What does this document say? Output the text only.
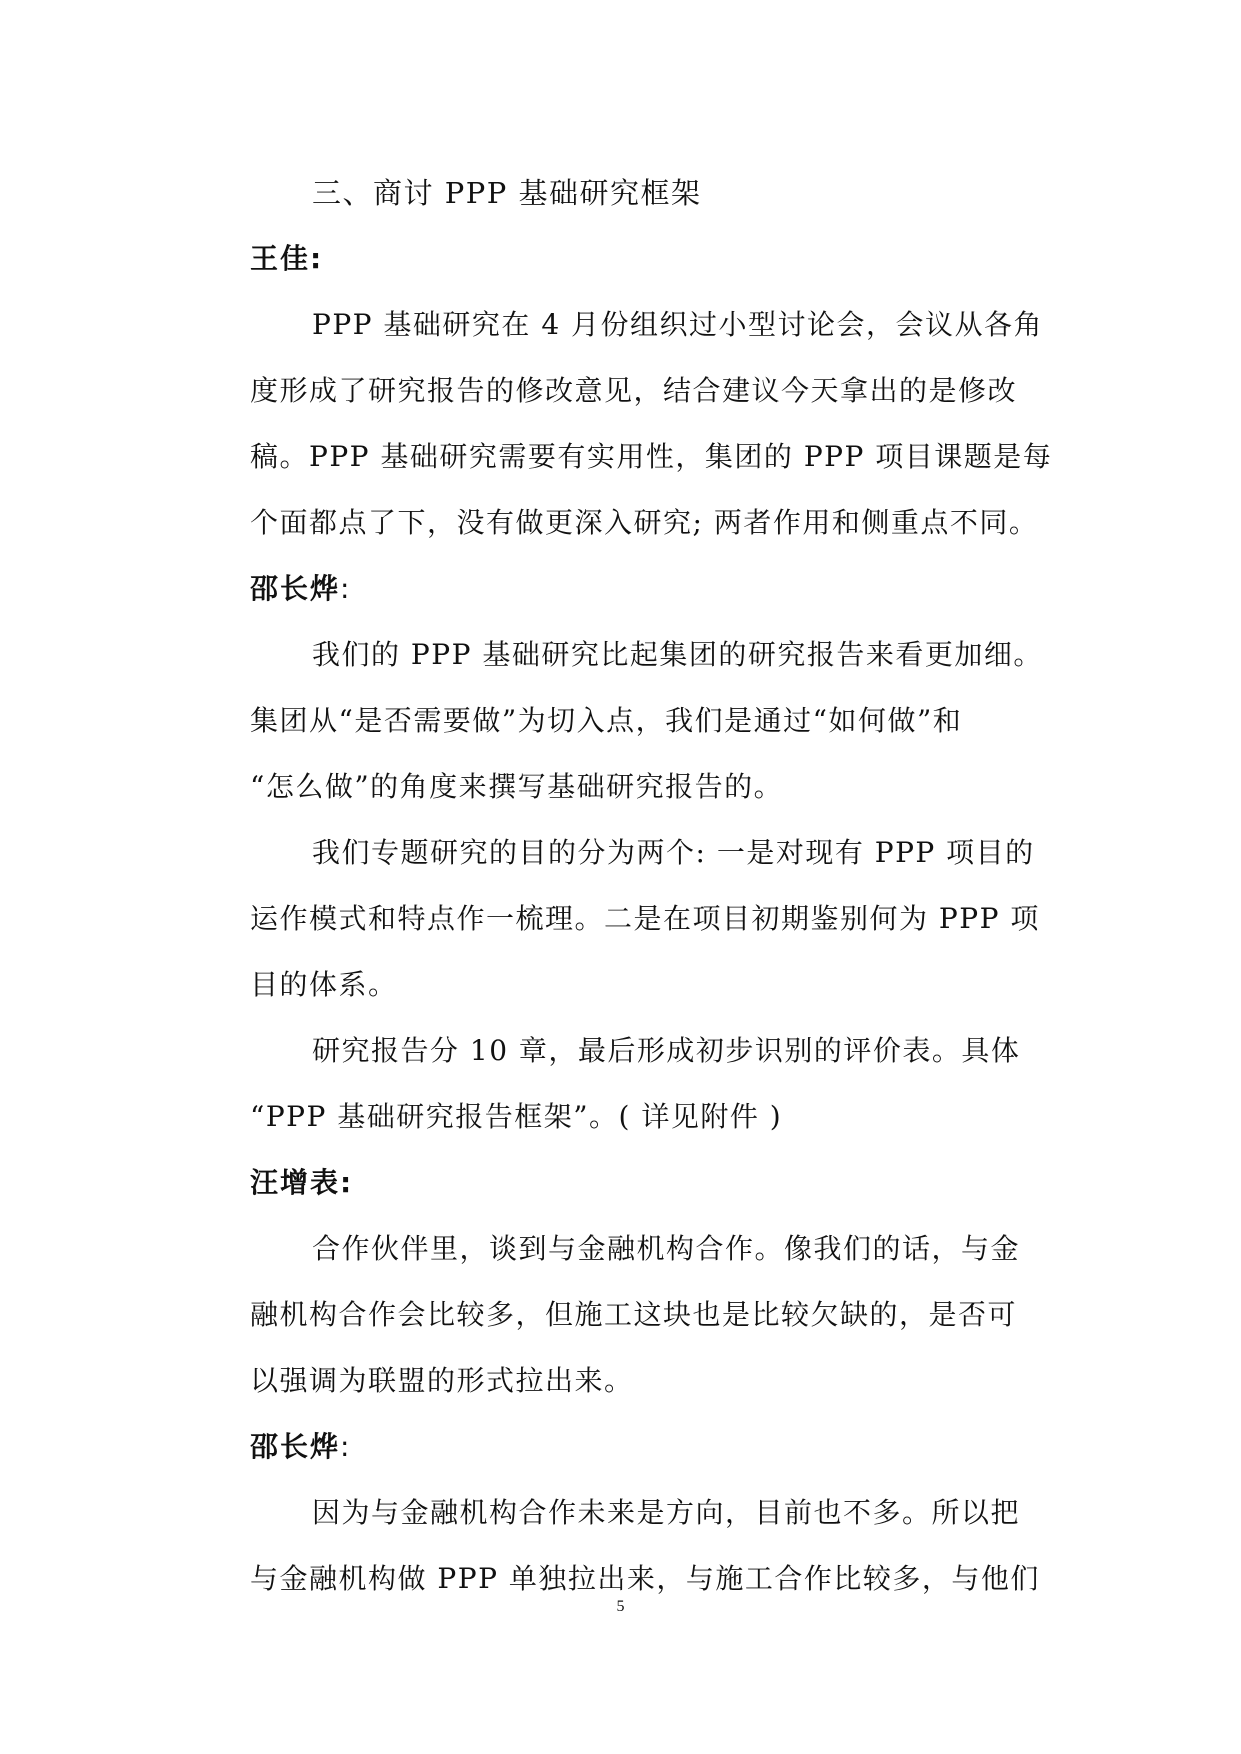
三、商讨 PPP 基础研究框架
王佳:
PPP 基础研究在 4 月份组织过小型讨论会，会议从各角
度形成了研究报告的修改意见，结合建议今天拿出的是修改
稿。PPP 基础研究需要有实用性，集团的 PPP 项目课题是每
个面都点了下，没有做更深入研究; 两者作用和侧重点不同。
邵长烨:
我们的 PPP 基础研究比起集团的研究报告来看更加细。
集团从“是否需要做”为切入点，我们是通过“如何做”和
“怎么做”的角度来撰写基础研究报告的。
我们专题研究的目的分为两个: 一是对现有 PPP 项目的
运作模式和特点作一梳理。二是在项目初期鉴别何为 PPP 项
目的体系。
研究报告分 10 章，最后形成初步识别的评价表。具体
“PPP 基础研究报告框架”。( 详见附件 )
汪增表:
合作伙伴里，谈到与金融机构合作。像我们的话，与金
融机构合作会比较多，但施工这块也是比较欠缺的，是否可
以强调为联盟的形式拉出来。
邵长烨:
因为与金融机构合作未来是方向，目前也不多。所以把
与金融机构做 PPP 单独拉出来，与施工合作比较多，与他们
5
